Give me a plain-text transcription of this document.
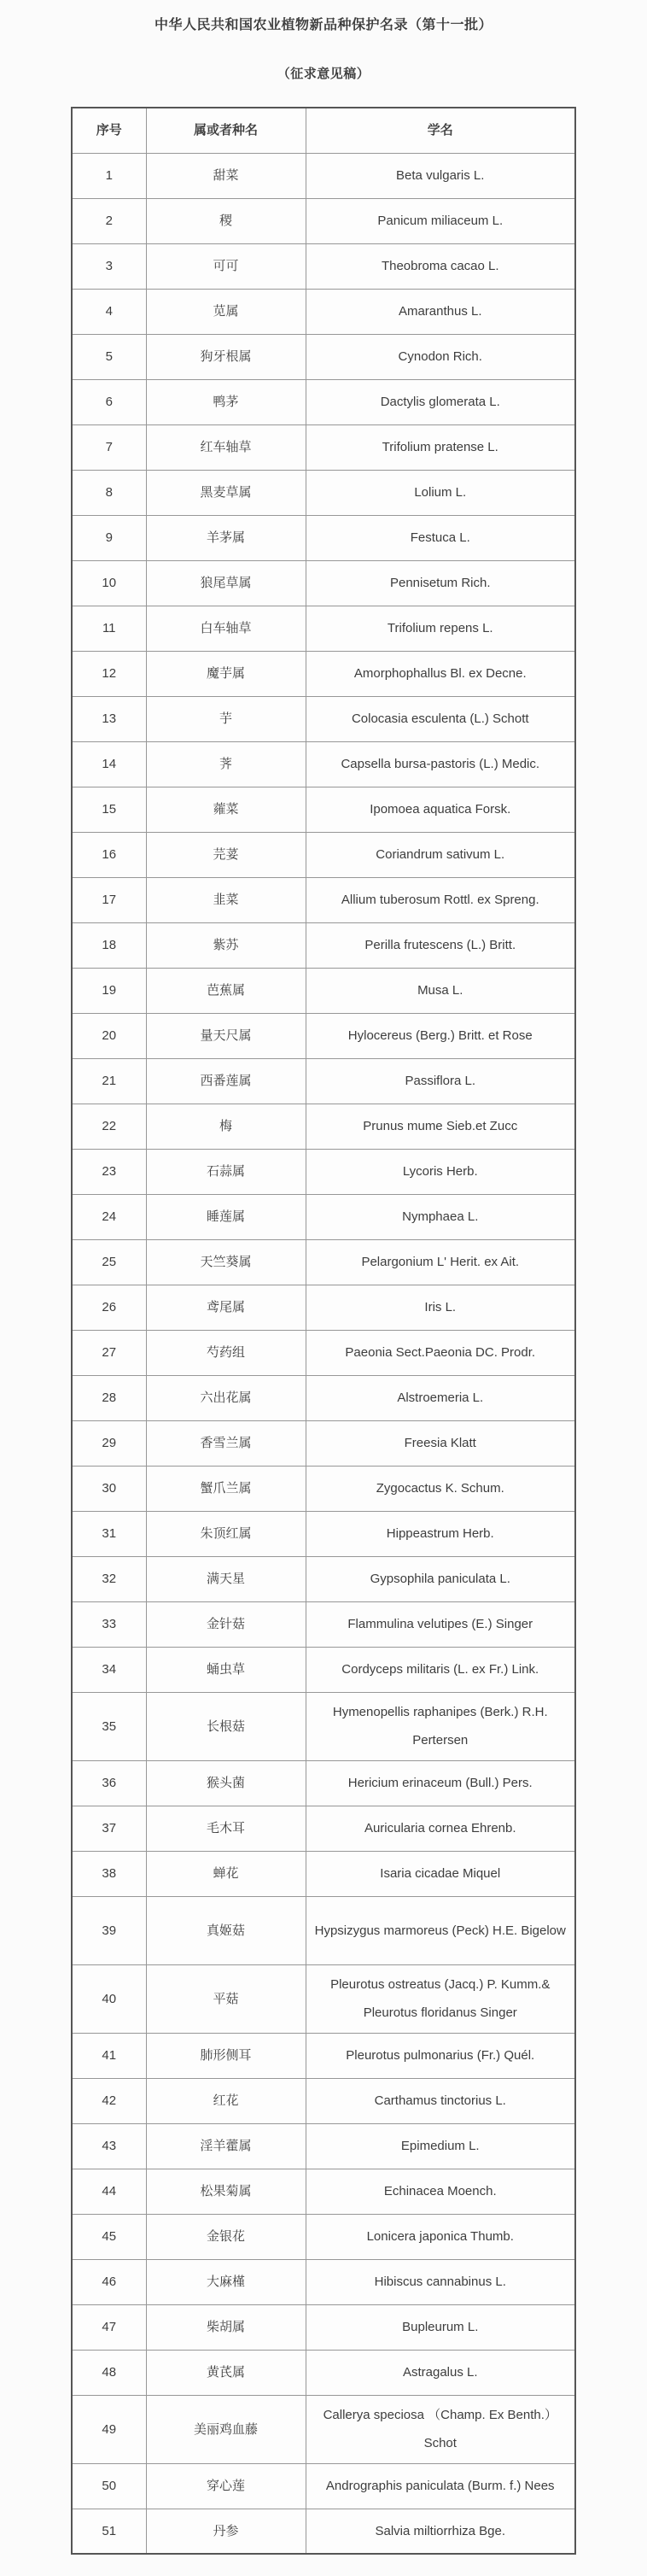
中华人民共和国农业植物新品种保护名录（第十一批）
（征求意见稿）
序号	属或者种名	学名
1	甜菜	Beta vulgaris L.
2	稷	Panicum miliaceum L.
3	可可	Theobroma cacao L.
4	苋属	Amaranthus L.
5	狗牙根属	Cynodon Rich.
6	鸭茅	Dactylis glomerata L.
7	红车轴草	Trifolium pratense L.
8	黑麦草属	Lolium L.
9	羊茅属	Festuca L.
10	狼尾草属	Pennisetum Rich.
11	白车轴草	Trifolium repens L.
12	魔芋属	Amorphophallus Bl. ex Decne.
13	芋	Colocasia esculenta (L.) Schott
14	荠	Capsella bursa-pastoris (L.) Medic.
15	蕹菜	Ipomoea aquatica Forsk.
16	芫荽	Coriandrum sativum L.
17	韭菜	Allium tuberosum Rottl. ex Spreng.
18	紫苏	Perilla frutescens (L.) Britt.
19	芭蕉属	Musa L.
20	量天尺属	Hylocereus (Berg.) Britt. et Rose
21	西番莲属	Passiflora L.
22	梅	Prunus mume Sieb.et Zucc
23	石蒜属	Lycoris Herb.
24	睡莲属	Nymphaea L.
25	天竺葵属	Pelargonium L' Herit. ex Ait.
26	鸢尾属	Iris L.
27	芍药组	Paeonia Sect.Paeonia DC. Prodr.
28	六出花属	Alstroemeria L.
29	香雪兰属	Freesia Klatt
30	蟹爪兰属	Zygocactus K. Schum.
31	朱顶红属	Hippeastrum Herb.
32	满天星	Gypsophila paniculata L.
33	金针菇	Flammulina velutipes (E.) Singer
34	蛹虫草	Cordyceps militaris (L. ex Fr.) Link.
35	长根菇	Hymenopellis raphanipes (Berk.) R.H. Pertersen
36	猴头菌	Hericium erinaceum (Bull.) Pers.
37	毛木耳	Auricularia cornea Ehrenb.
38	蝉花	Isaria cicadae Miquel
39	真姬菇	Hypsizygus marmoreus (Peck) H.E. Bigelow
40	平菇	Pleurotus ostreatus (Jacq.) P. Kumm.& Pleurotus floridanus Singer
41	肺形侧耳	Pleurotus pulmonarius (Fr.) Quél.
42	红花	Carthamus tinctorius L.
43	淫羊藿属	Epimedium L.
44	松果菊属	Echinacea Moench.
45	金银花	Lonicera japonica Thumb.
46	大麻槿	Hibiscus cannabinus L.
47	柴胡属	Bupleurum L.
48	黄芪属	Astragalus L.
49	美丽鸡血藤	Callerya speciosa （Champ. Ex Benth.）Schot
50	穿心莲	Andrographis paniculata (Burm. f.) Nees
51	丹参	Salvia miltiorrhiza Bge.
